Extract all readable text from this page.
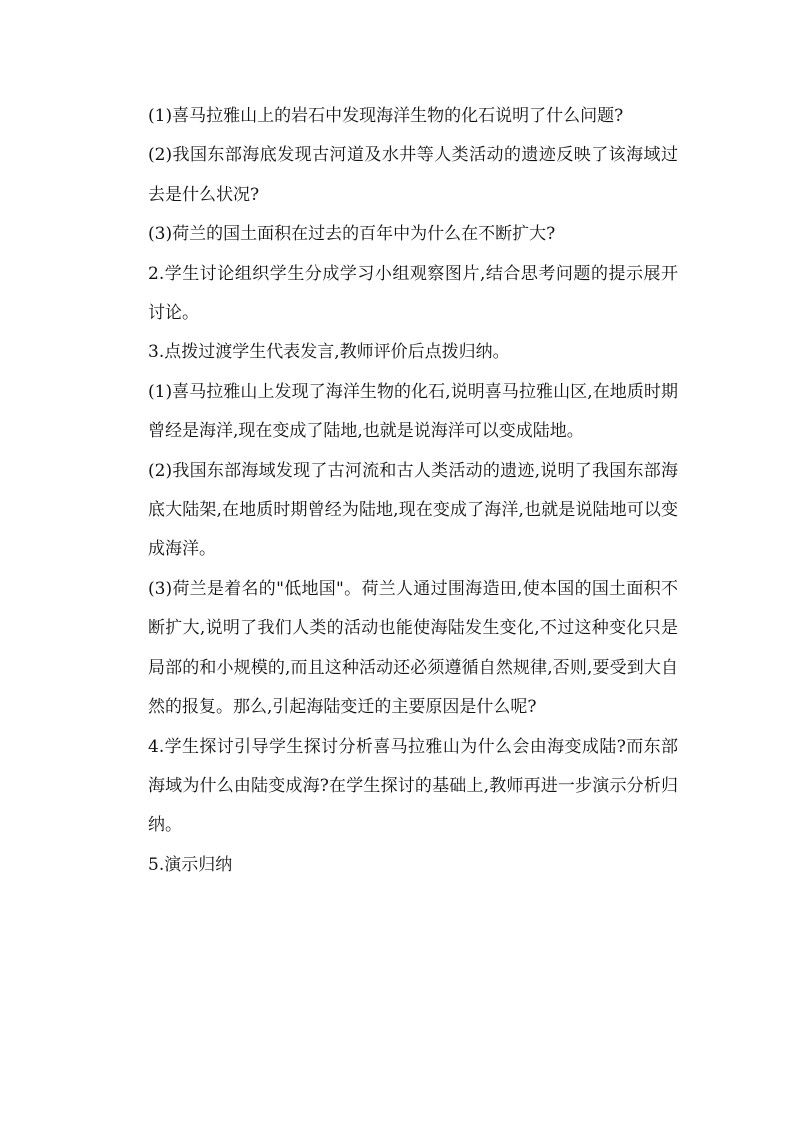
(1)喜马拉雅山上的岩石中发现海洋生物的化石说明了什么问题?

(2)我国东部海底发现古河道及水井等人类活动的遗迹反映了该海域过去是什么状况?

(3)荷兰的国土面积在过去的百年中为什么在不断扩大?

2.学生讨论组织学生分成学习小组观察图片,结合思考问题的提示展开讨论。

3.点拨过渡学生代表发言,教师评价后点拨归纳。

(1)喜马拉雅山上发现了海洋生物的化石,说明喜马拉雅山区,在地质时期曾经是海洋,现在变成了陆地,也就是说海洋可以变成陆地。

(2)我国东部海域发现了古河流和古人类活动的遗迹,说明了我国东部海底大陆架,在地质时期曾经为陆地,现在变成了海洋,也就是说陆地可以变成海洋。

(3)荷兰是着名的"低地国"。荷兰人通过围海造田,使本国的国土面积不断扩大,说明了我们人类的活动也能使海陆发生变化,不过这种变化只是局部的和小规模的,而且这种活动还必须遵循自然规律,否则,要受到大自然的报复。那么,引起海陆变迁的主要原因是什么呢?

4.学生探讨引导学生探讨分析喜马拉雅山为什么会由海变成陆?而东部海域为什么由陆变成海?在学生探讨的基础上,教师再进一步演示分析归纳。

5.演示归纳
